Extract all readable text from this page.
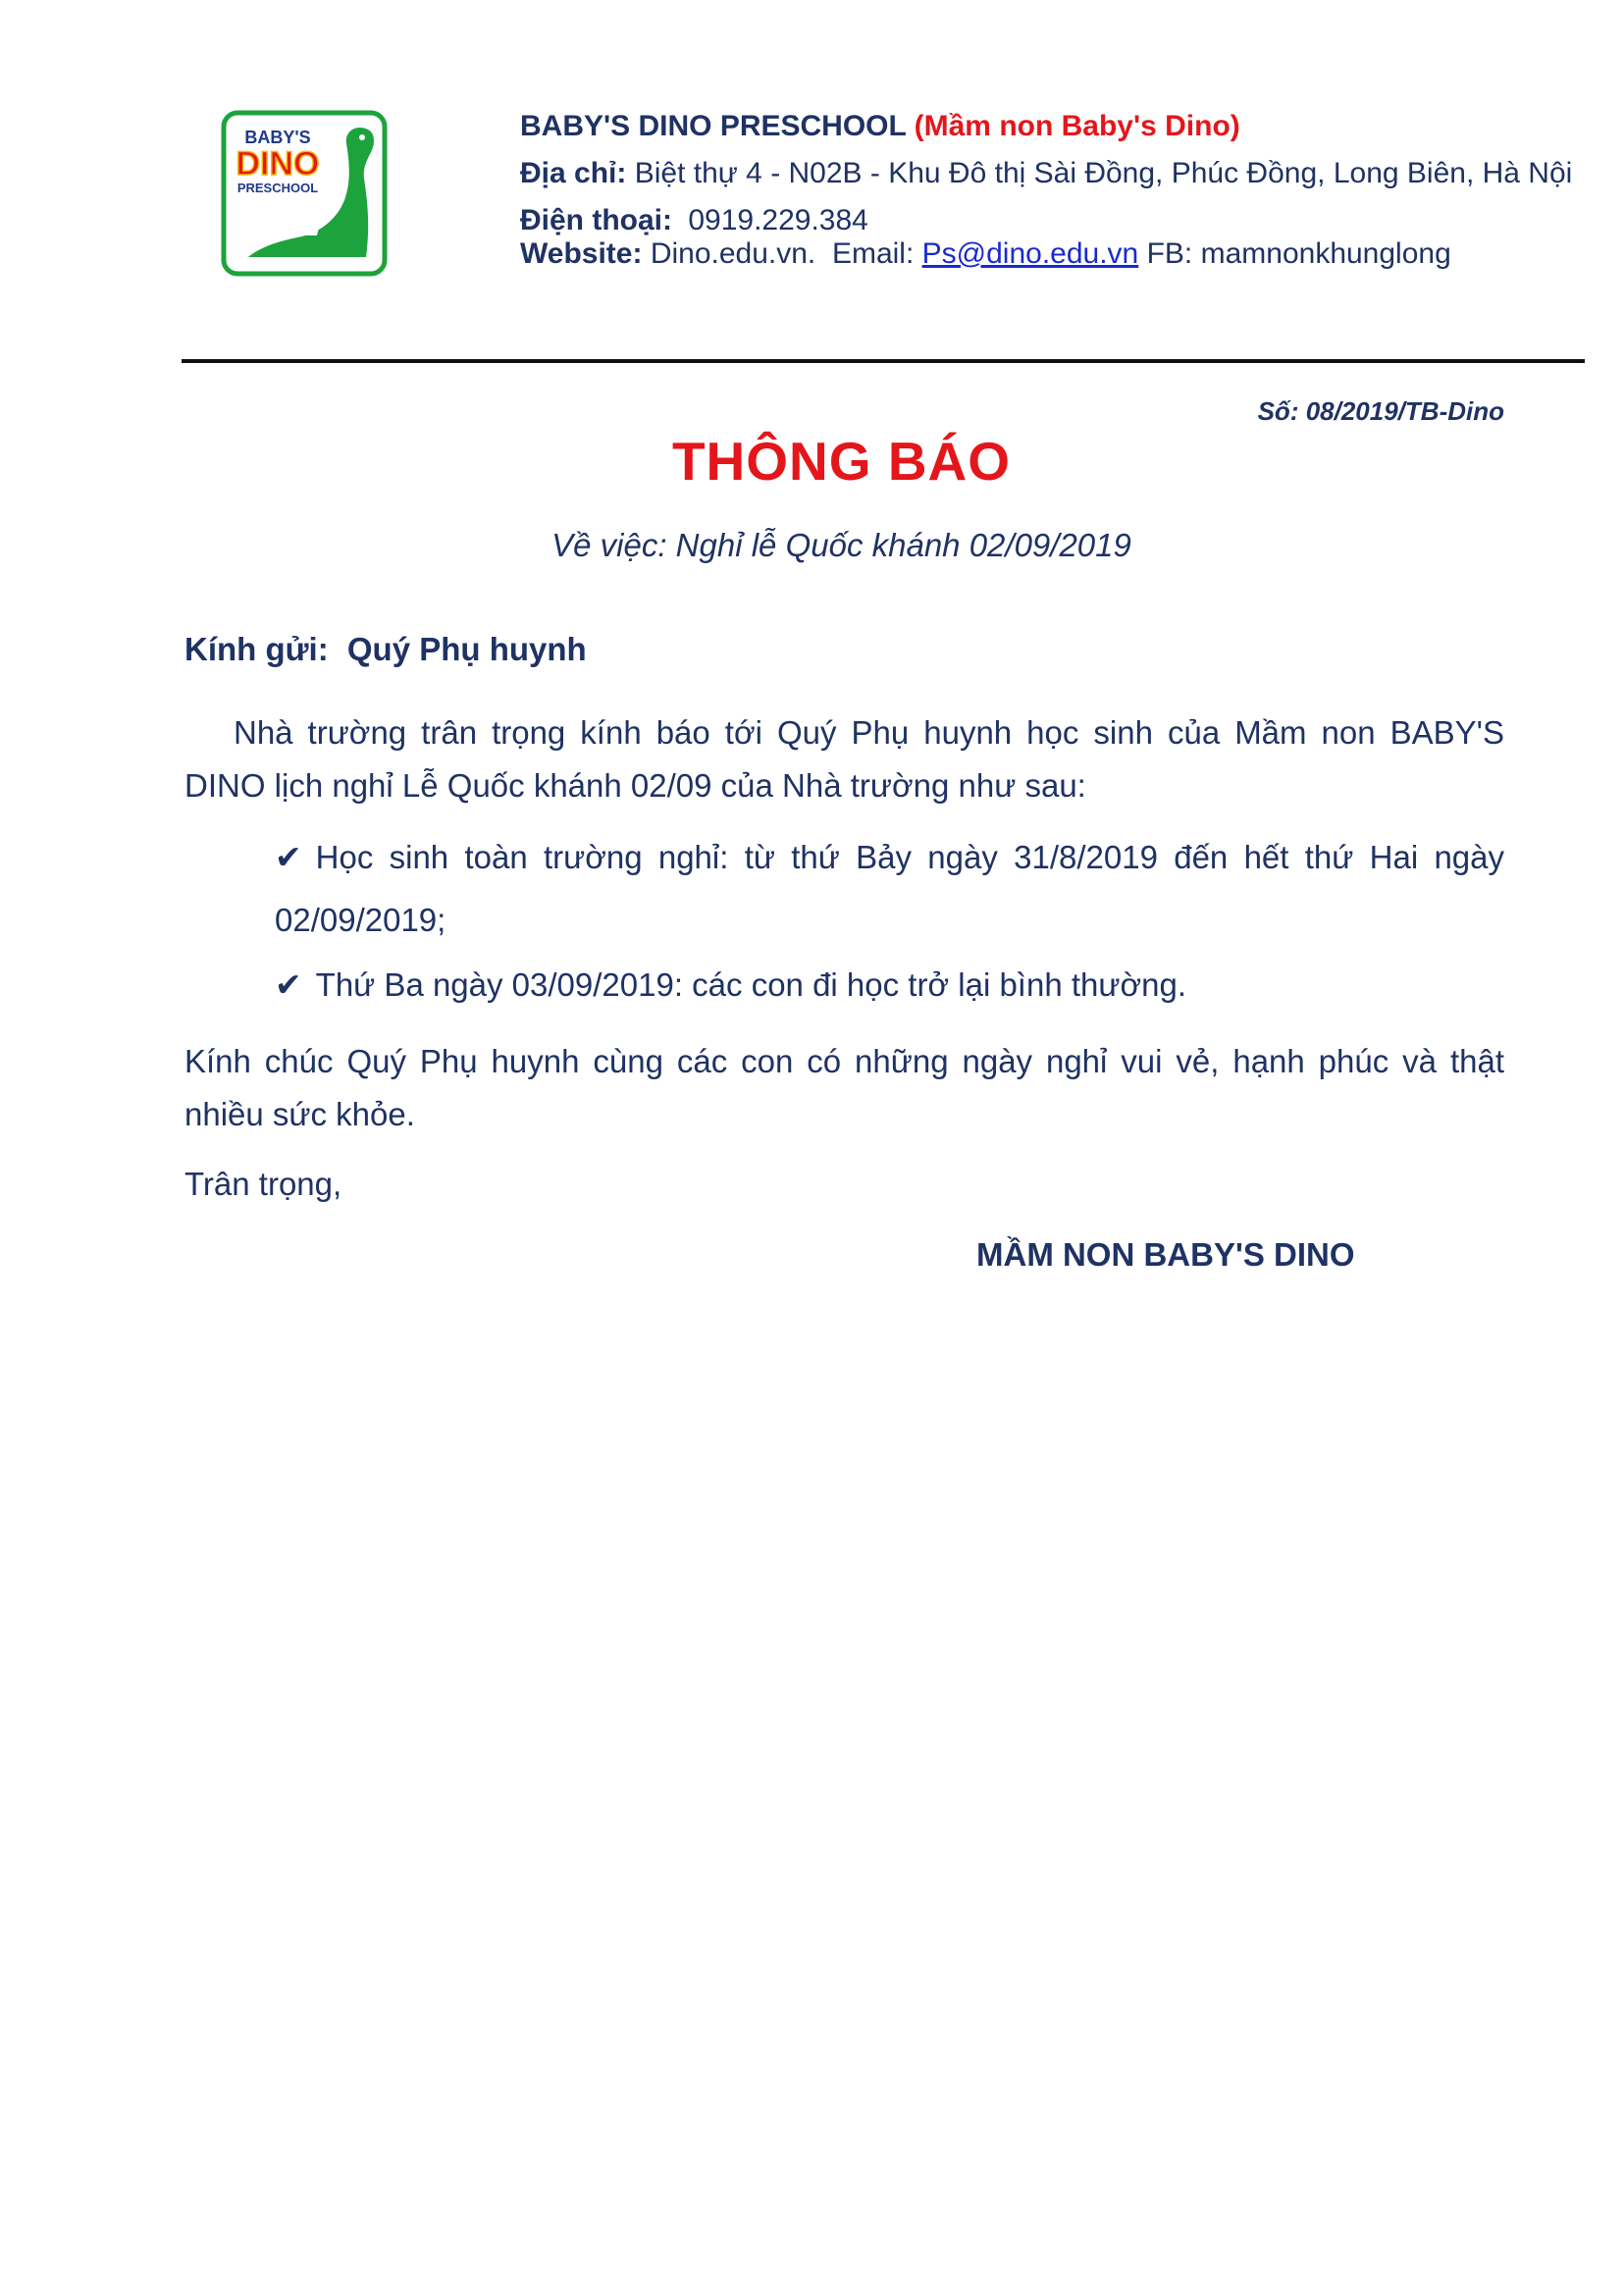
BABY'S
DINO
PRESCHOOL
Let The Children Imagine
BABY'S DINO PRESCHOOL (Mầm non Baby's Dino)
Địa chỉ: Biệt thự 4 - N02B - Khu Đô thị Sài Đồng, Phúc Đồng, Long Biên, Hà Nội
Điện thoại: 0919.229.384
Website: Dino.edu.vn. Email: Ps@dino.edu.vn FB: mamnonkhunglong
Số: 08/2019/TB-Dino
THÔNG BÁO
Về việc: Nghỉ lễ Quốc khánh 02/09/2019
Kính gửi: Quý Phụ huynh
Nhà trường trân trọng kính báo tới Quý Phụ huynh học sinh của Mầm non BABY'S DINO lịch nghỉ Lễ Quốc khánh 02/09 của Nhà trường như sau:
✔ Học sinh toàn trường nghỉ: từ thứ Bảy ngày 31/8/2019 đến hết thứ Hai ngày 02/09/2019;
✔ Thứ Ba ngày 03/09/2019: các con đi học trở lại bình thường.
Kính chúc Quý Phụ huynh cùng các con có những ngày nghỉ vui vẻ, hạnh phúc và thật nhiều sức khỏe.
Trân trọng,
MẦM NON BABY'S DINO
